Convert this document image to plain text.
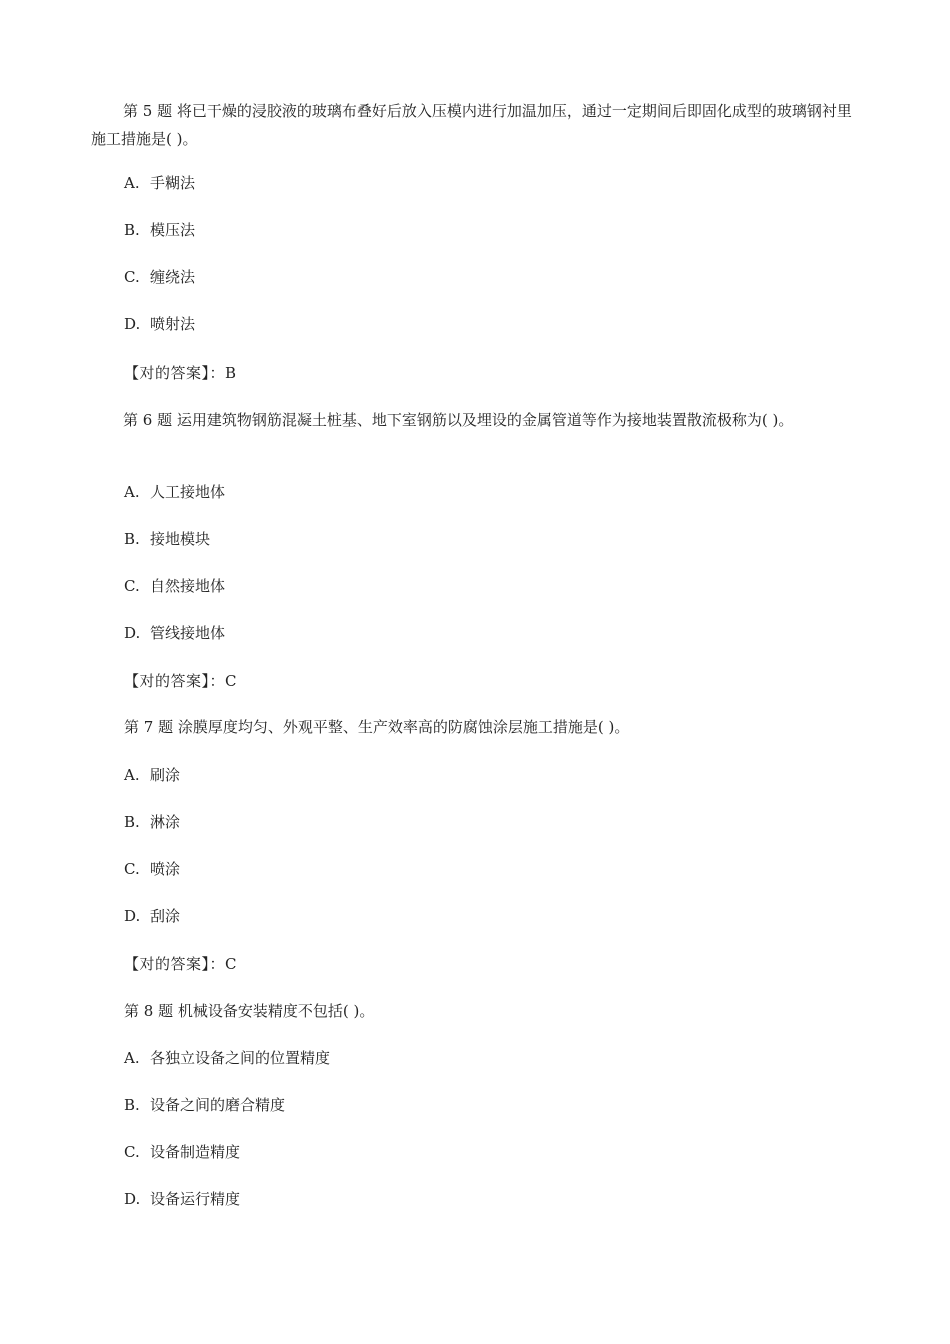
第 5 题 将已干燥的浸胶液的玻璃布叠好后放入压模内进行加温加压，通过一定期间后即固化成型的玻璃钢衬里施工措施是( )。

A. 手糊法
B. 模压法
C. 缠绕法
D. 喷射法
【对的答案】：B

第 6 题 运用建筑物钢筋混凝土桩基、地下室钢筋以及埋设的金属管道等作为接地装置散流极称为( )。

A. 人工接地体
B. 接地模块
C. 自然接地体
D. 管线接地体
【对的答案】：C
第 7 题 涂膜厚度均匀、外观平整、生产效率高的防腐蚀涂层施工措施是( )。
A. 刷涂
B. 淋涂
C. 喷涂
D. 刮涂
【对的答案】：C
第 8 题 机械设备安装精度不包括( )。
A. 各独立设备之间的位置精度
B. 设备之间的磨合精度
C. 设备制造精度
D. 设备运行精度
